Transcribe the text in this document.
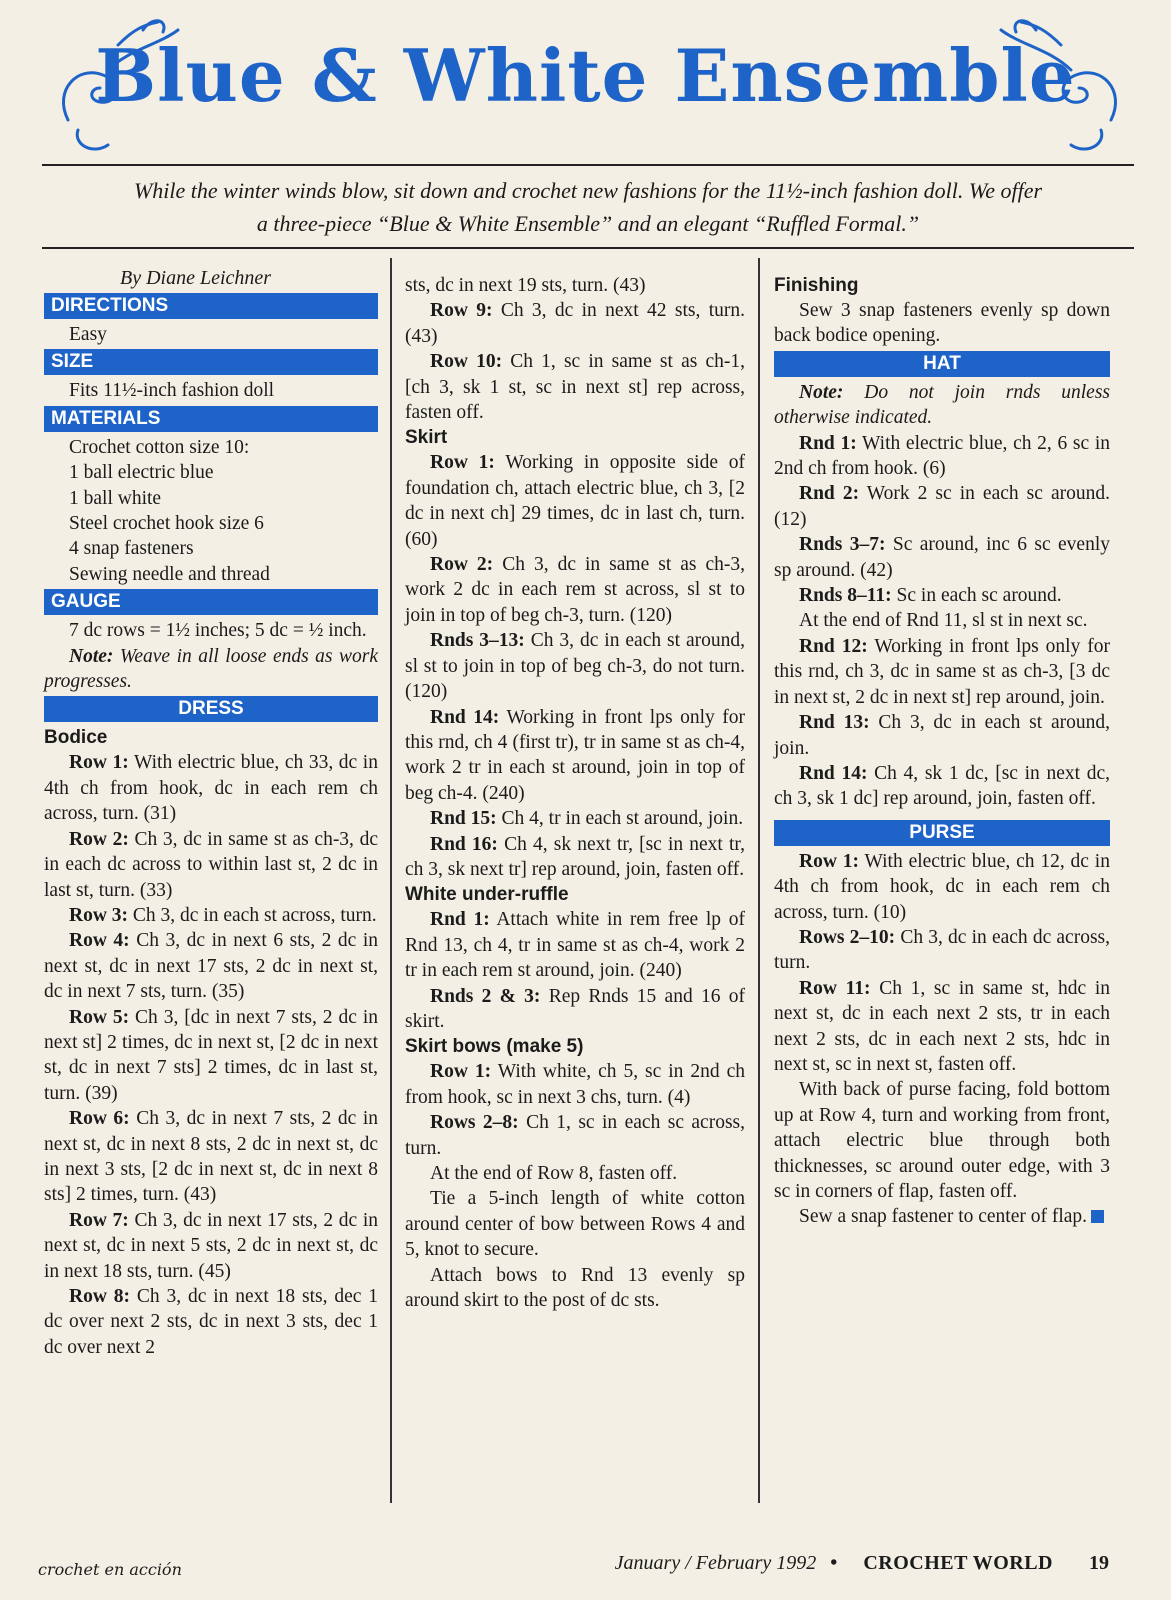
Blue & White Ensemble

While the winter winds blow, sit down and crochet new fashions for the 11½-inch fashion doll. We offer
a three-piece “Blue & White Ensemble” and an elegant “Ruffled Formal.”

By Diane Leichner
DIRECTIONS

Easy

SIZE

Fits 11½-inch fashion doll

MATERIALS

Crochet cotton size 10:

1 ball electric blue

1 ball white

Steel crochet hook size 6

4 snap fasteners

Sewing needle and thread

GAUGE

7 dc rows = 1½ inches; 5 dc = ½ inch.

Note: Weave in all loose ends as work progresses.

DRESS
Bodice

Row 1: With electric blue, ch 33, dc in 4th ch from hook, dc in each rem ch across, turn. (31)

Row 2: Ch 3, dc in same st as ch-3, dc in each dc across to within last st, 2 dc in last st, turn. (33)

Row 3: Ch 3, dc in each st across, turn.

Row 4: Ch 3, dc in next 6 sts, 2 dc in next st, dc in next 17 sts, 2 dc in next st, dc in next 7 sts, turn. (35)

Row 5: Ch 3, [dc in next 7 sts, 2 dc in next st] 2 times, dc in next st, [2 dc in next st, dc in next 7 sts] 2 times, dc in last st, turn. (39)

Row 6: Ch 3, dc in next 7 sts, 2 dc in next st, dc in next 8 sts, 2 dc in next st, dc in next 3 sts, [2 dc in next st, dc in next 8 sts] 2 times, turn. (43)

Row 7: Ch 3, dc in next 17 sts, 2 dc in next st, dc in next 5 sts, 2 dc in next st, dc in next 18 sts, turn. (45)

Row 8: Ch 3, dc in next 18 sts, dec 1 dc over next 2 sts, dc in next 3 sts, dec 1 dc over next 2

sts, dc in next 19 sts, turn. (43)

Row 9: Ch 3, dc in next 42 sts, turn. (43)

Row 10: Ch 1, sc in same st as ch-1, [ch 3, sk 1 st, sc in next st] rep across, fasten off.

Skirt

Row 1: Working in opposite side of foundation ch, attach electric blue, ch 3, [2 dc in next ch] 29 times, dc in last ch, turn. (60)

Row 2: Ch 3, dc in same st as ch-3, work 2 dc in each rem st across, sl st to join in top of beg ch-3, turn. (120)

Rnds 3–13: Ch 3, dc in each st around, sl st to join in top of beg ch-3, do not turn. (120)

Rnd 14: Working in front lps only for this rnd, ch 4 (first tr), tr in same st as ch-4, work 2 tr in each st around, join in top of beg ch-4. (240)

Rnd 15: Ch 4, tr in each st around, join.

Rnd 16: Ch 4, sk next tr, [sc in next tr, ch 3, sk next tr] rep around, join, fasten off.

White under-ruffle

Rnd 1: Attach white in rem free lp of Rnd 13, ch 4, tr in same st as ch-4, work 2 tr in each rem st around, join. (240)

Rnds 2 & 3: Rep Rnds 15 and 16 of skirt.

Skirt bows (make 5)

Row 1: With white, ch 5, sc in 2nd ch from hook, sc in next 3 chs, turn. (4)

Rows 2–8: Ch 1, sc in each sc across, turn.

At the end of Row 8, fasten off.

Tie a 5-inch length of white cotton around center of bow between Rows 4 and 5, knot to secure.

Attach bows to Rnd 13 evenly sp around skirt to the post of dc sts.

Finishing

Sew 3 snap fasteners evenly sp down back bodice opening.

HAT

Note: Do not join rnds unless otherwise indicated.

Rnd 1: With electric blue, ch 2, 6 sc in 2nd ch from hook. (6)

Rnd 2: Work 2 sc in each sc around. (12)

Rnds 3–7: Sc around, inc 6 sc evenly sp around. (42)

Rnds 8–11: Sc in each sc around.

At the end of Rnd 11, sl st in next sc.

Rnd 12: Working in front lps only for this rnd, ch 3, dc in same st as ch-3, [3 dc in next st, 2 dc in next st] rep around, join.

Rnd 13: Ch 3, dc in each st around, join.

Rnd 14: Ch 4, sk 1 dc, [sc in next dc, ch 3, sk 1 dc] rep around, join, fasten off.

PURSE

Row 1: With electric blue, ch 12, dc in 4th ch from hook, dc in each rem ch across, turn. (10)

Rows 2–10: Ch 3, dc in each dc across, turn.

Row 11: Ch 1, sc in same st, hdc in next st, dc in each next 2 sts, tr in each next 2 sts, dc in each next 2 sts, hdc in next st, sc in next st, fasten off.

With back of purse facing, fold bottom up at Row 4, turn and working from front, attach electric blue through both thicknesses, sc around outer edge, with 3 sc in corners of flap, fasten off.

Sew a snap fastener to center of flap.

crochet en acción	January / February 1992 • CROCHET WORLD 19
